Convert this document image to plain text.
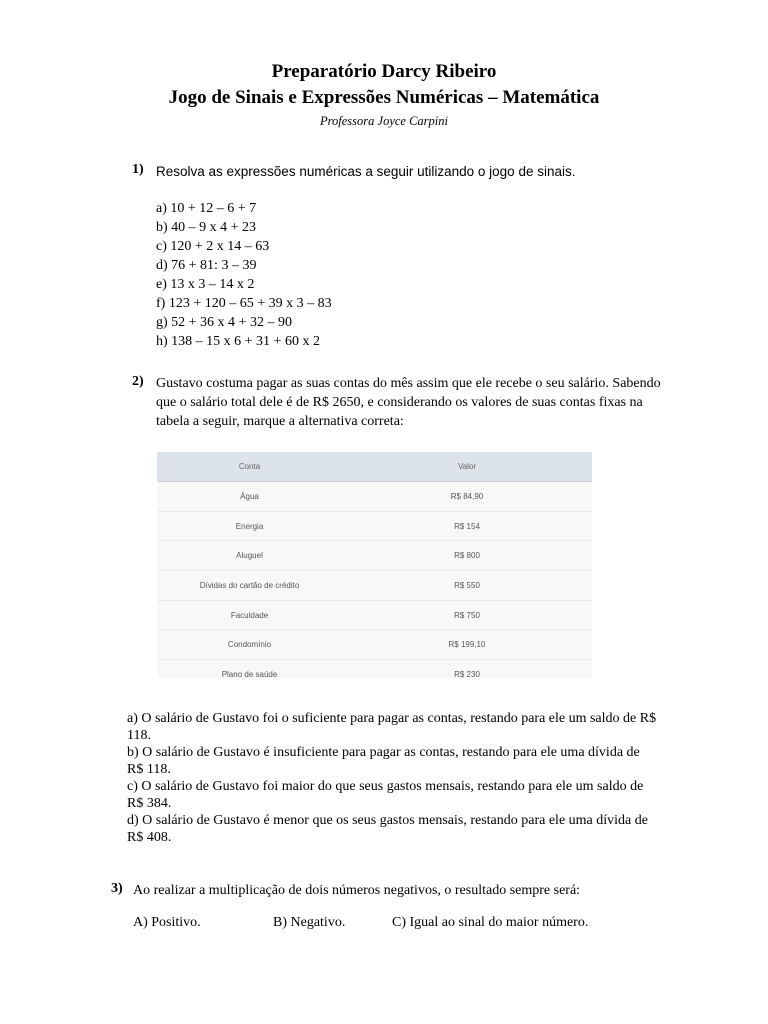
Preparatório Darcy Ribeiro
Jogo de Sinais e Expressões Numéricas – Matemática
Professora Joyce Carpini
1) Resolva as expressões numéricas a seguir utilizando o jogo de sinais.
a) 10 + 12 – 6 + 7
b) 40 – 9 x 4 + 23
c) 120 + 2 x 14 – 63
d) 76 + 81: 3 – 39
e) 13 x 3 – 14 x 2
f) 123 + 120 – 65 + 39 x 3 – 83
g) 52 + 36 x 4 + 32 – 90
h) 138 – 15 x 6 + 31 + 60 x 2
2) Gustavo costuma pagar as suas contas do mês assim que ele recebe o seu salário. Sabendo que o salário total dele é de R$ 2650, e considerando os valores de suas contas fixas na tabela a seguir, marque a alternativa correta:
Conta	Valor
Água	R$ 84,90
Energia	R$ 154
Aluguel	R$ 800
Dívidas do cartão de crédito	R$ 550
Faculdade	R$ 750
Condomínio	R$ 199,10
Plano de saúde	R$ 230
a) O salário de Gustavo foi o suficiente para pagar as contas, restando para ele um saldo de R$ 118.
b) O salário de Gustavo é insuficiente para pagar as contas, restando para ele uma dívida de R$ 118.
c) O salário de Gustavo foi maior do que seus gastos mensais, restando para ele um saldo de R$ 384.
d) O salário de Gustavo é menor que os seus gastos mensais, restando para ele uma dívida de R$ 408.
3) Ao realizar a multiplicação de dois números negativos, o resultado sempre será:
A) Positivo.	B) Negativo.	C) Igual ao sinal do maior número.
